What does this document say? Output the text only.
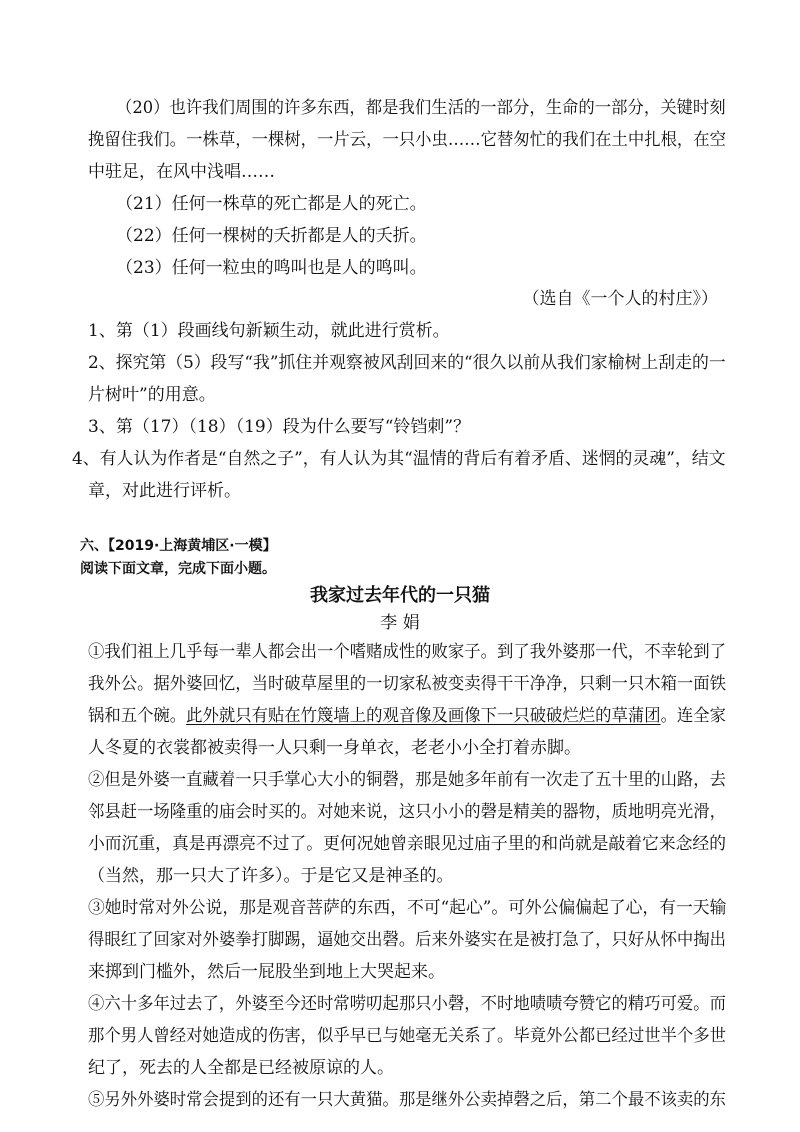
（20）也许我们周围的许多东西，都是我们生活的一部分，生命的一部分，关键时刻
挽留住我们。一株草，一棵树，一片云，一只小虫……它替匆忙的我们在土中扎根，在空
中驻足，在风中浅唱……
（21）任何一株草的死亡都是人的死亡。
（22）任何一棵树的夭折都是人的夭折。
（23）任何一粒虫的鸣叫也是人的鸣叫。
（选自《一个人的村庄》）
1、第（1）段画线句新颖生动，就此进行赏析。
2、探究第（5）段写“我”抓住并观察被风刮回来的“很久以前从我们家榆树上刮走的一
片树叶”的用意。
3、第（17）（18）（19）段为什么要写“铃铛刺”？
4、有人认为作者是“自然之子”，有人认为其“温情的背后有着矛盾、迷惘的灵魂”，结文
章，对此进行评析。
六、【2019·上海黄埔区·一模】
阅读下面文章，完成下面小题。
我家过去年代的一只猫
李 娟
①我们祖上几乎每一辈人都会出一个嗜赌成性的败家子。到了我外婆那一代，不幸轮到了
我外公。据外婆回忆，当时破草屋里的一切家私被变卖得干干净净，只剩一只木箱一面铁
锅和五个碗。此外就只有贴在竹篾墙上的观音像及画像下一只破破烂烂的草蒲团。连全家
人冬夏的衣裳都被卖得一人只剩一身单衣，老老小小全打着赤脚。
②但是外婆一直藏着一只手掌心大小的铜磬，那是她多年前有一次走了五十里的山路，去
邻县赶一场隆重的庙会时买的。对她来说，这只小小的磬是精美的器物，质地明亮光滑，
小而沉重，真是再漂亮不过了。更何况她曾亲眼见过庙子里的和尚就是敲着它来念经的
（当然，那一只大了许多）。于是它又是神圣的。
③她时常对外公说，那是观音菩萨的东西，不可“起心”。可外公偏偏起了心，有一天输
得眼红了回家对外婆拳打脚踢，逼她交出磬。后来外婆实在是被打急了，只好从怀中掏出
来掷到门槛外，然后一屁股坐到地上大哭起来。
④六十多年过去了，外婆至今还时常唠叨起那只小磬，不时地啧啧夸赞它的精巧可爱。而
那个男人曾经对她造成的伤害，似乎早已与她毫无关系了。毕竟外公都已经过世半个多世
纪了，死去的人全都是已经被原谅的人。
⑤另外外婆时常会提到的还有一只大黄猫。那是继外公卖掉磬之后，第二个最不该卖的东
